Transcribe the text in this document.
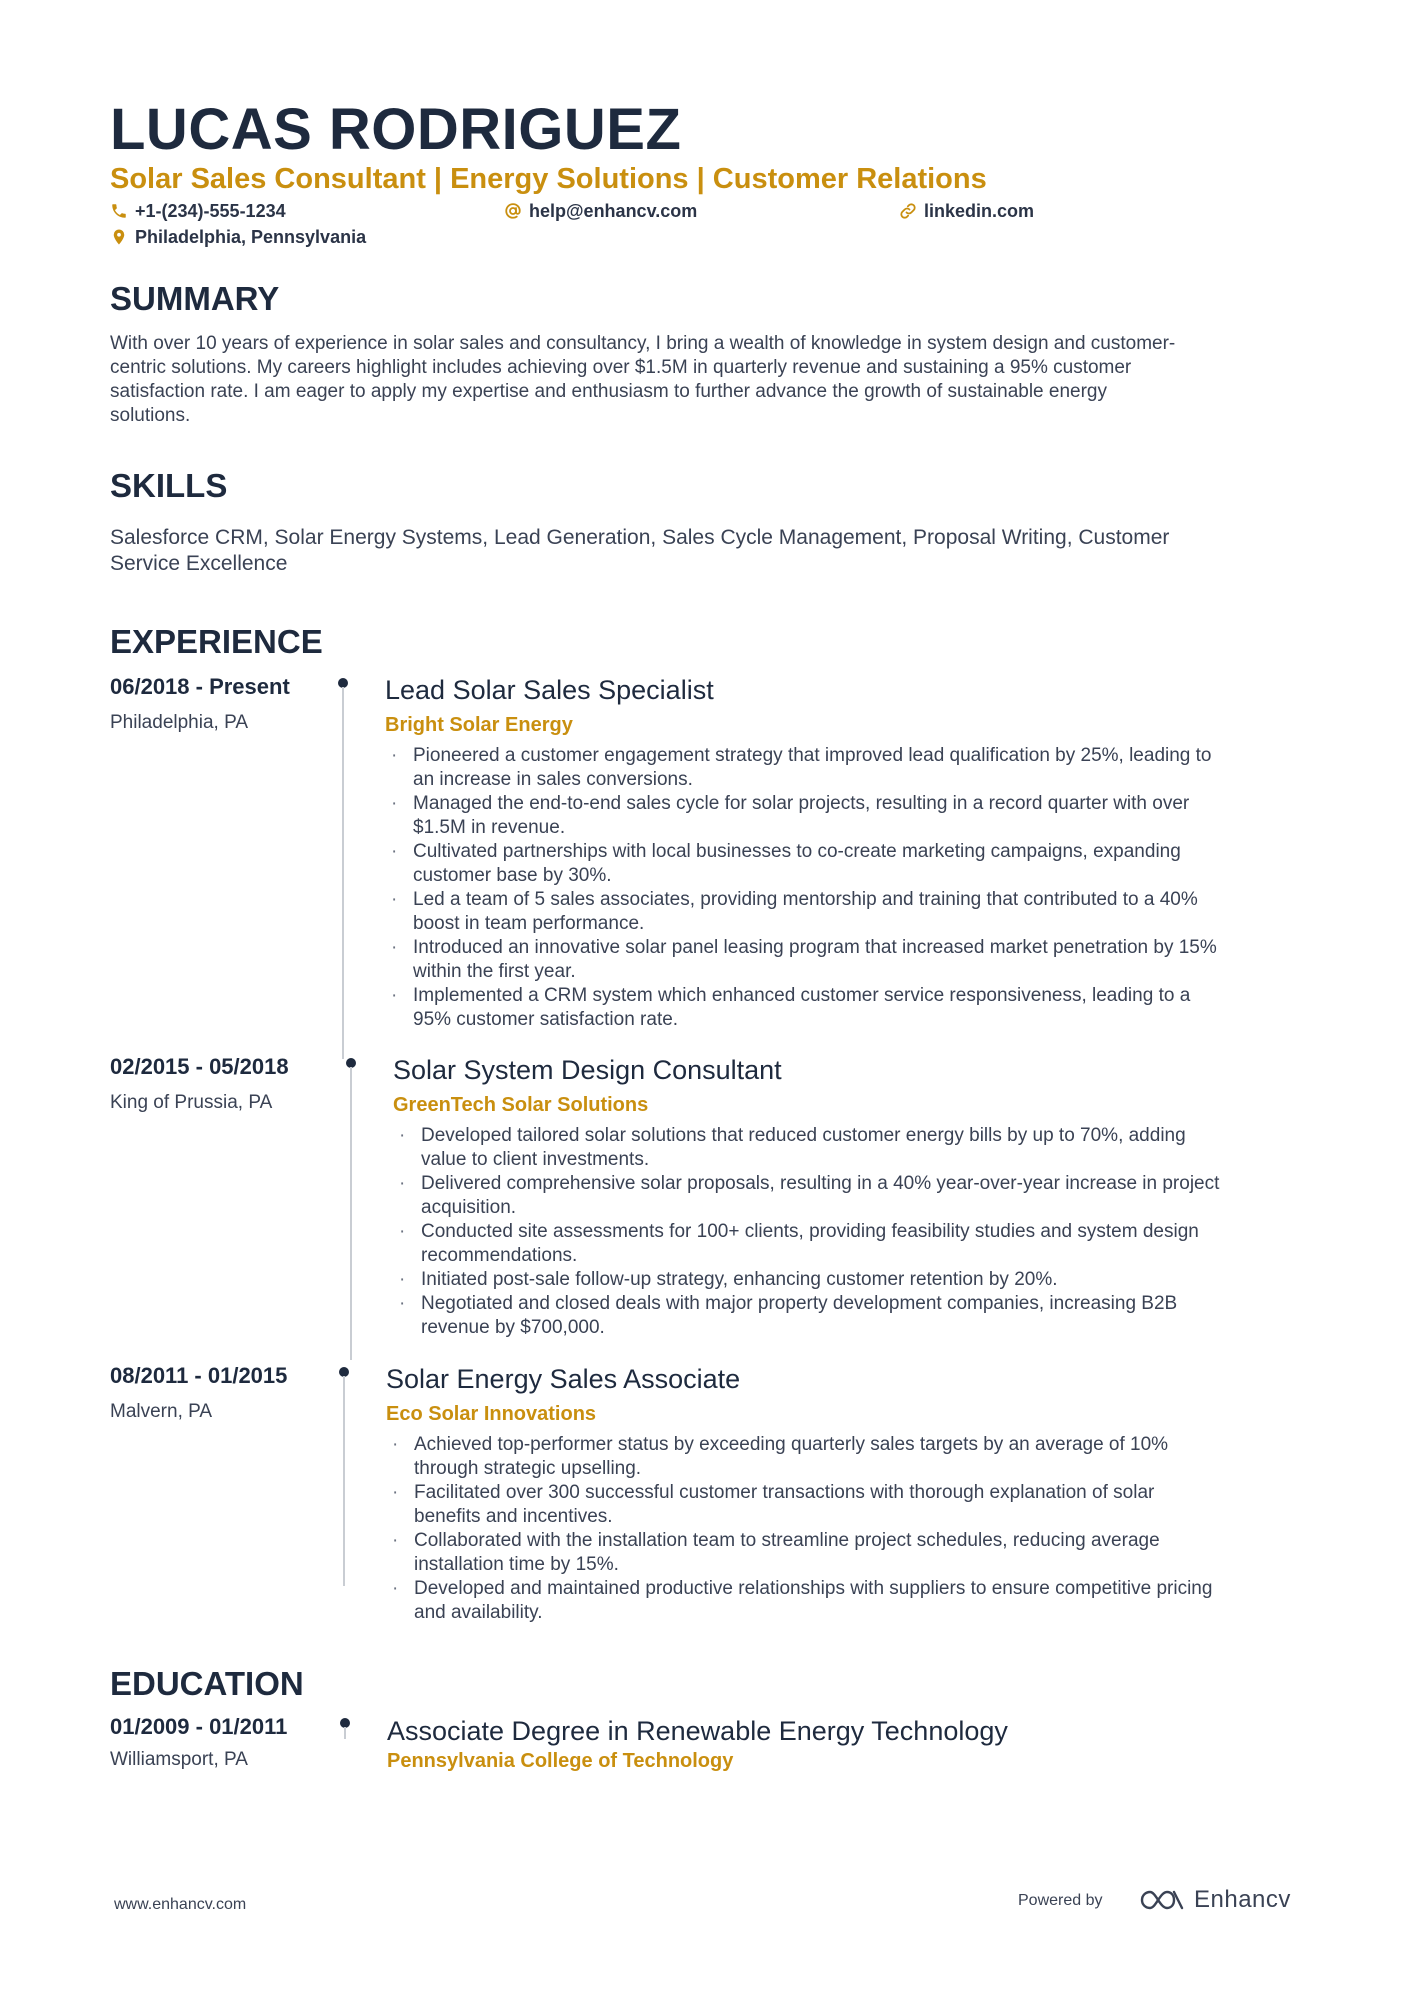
LUCAS RODRIGUEZ
Solar Sales Consultant | Energy Solutions | Customer Relations
+1-(234)-555-1234	help@enhancv.com	linkedin.com
Philadelphia, Pennsylvania
SUMMARY
With over 10 years of experience in solar sales and consultancy, I bring a wealth of knowledge in system design and customer-
centric solutions. My careers highlight includes achieving over $1.5M in quarterly revenue and sustaining a 95% customer
satisfaction rate. I am eager to apply my expertise and enthusiasm to further advance the growth of sustainable energy
solutions.
SKILLS
Salesforce CRM, Solar Energy Systems, Lead Generation, Sales Cycle Management, Proposal Writing, Customer
Service Excellence
EXPERIENCE
06/2018 - Present
Philadelphia, PA
Lead Solar Sales Specialist
Bright Solar Energy
· Pioneered a customer engagement strategy that improved lead qualification by 25%, leading to
an increase in sales conversions.
· Managed the end-to-end sales cycle for solar projects, resulting in a record quarter with over
$1.5M in revenue.
· Cultivated partnerships with local businesses to co-create marketing campaigns, expanding
customer base by 30%.
· Led a team of 5 sales associates, providing mentorship and training that contributed to a 40%
boost in team performance.
· Introduced an innovative solar panel leasing program that increased market penetration by 15%
within the first year.
· Implemented a CRM system which enhanced customer service responsiveness, leading to a
95% customer satisfaction rate.
02/2015 - 05/2018
King of Prussia, PA
Solar System Design Consultant
GreenTech Solar Solutions
· Developed tailored solar solutions that reduced customer energy bills by up to 70%, adding
value to client investments.
· Delivered comprehensive solar proposals, resulting in a 40% year-over-year increase in project
acquisition.
· Conducted site assessments for 100+ clients, providing feasibility studies and system design
recommendations.
· Initiated post-sale follow-up strategy, enhancing customer retention by 20%.
· Negotiated and closed deals with major property development companies, increasing B2B
revenue by $700,000.
08/2011 - 01/2015
Malvern, PA
Solar Energy Sales Associate
Eco Solar Innovations
· Achieved top-performer status by exceeding quarterly sales targets by an average of 10%
through strategic upselling.
· Facilitated over 300 successful customer transactions with thorough explanation of solar
benefits and incentives.
· Collaborated with the installation team to streamline project schedules, reducing average
installation time by 15%.
· Developed and maintained productive relationships with suppliers to ensure competitive pricing
and availability.
EDUCATION
01/2009 - 01/2011
Williamsport, PA
Associate Degree in Renewable Energy Technology
Pennsylvania College of Technology
www.enhancv.com	Powered by	Enhancv
